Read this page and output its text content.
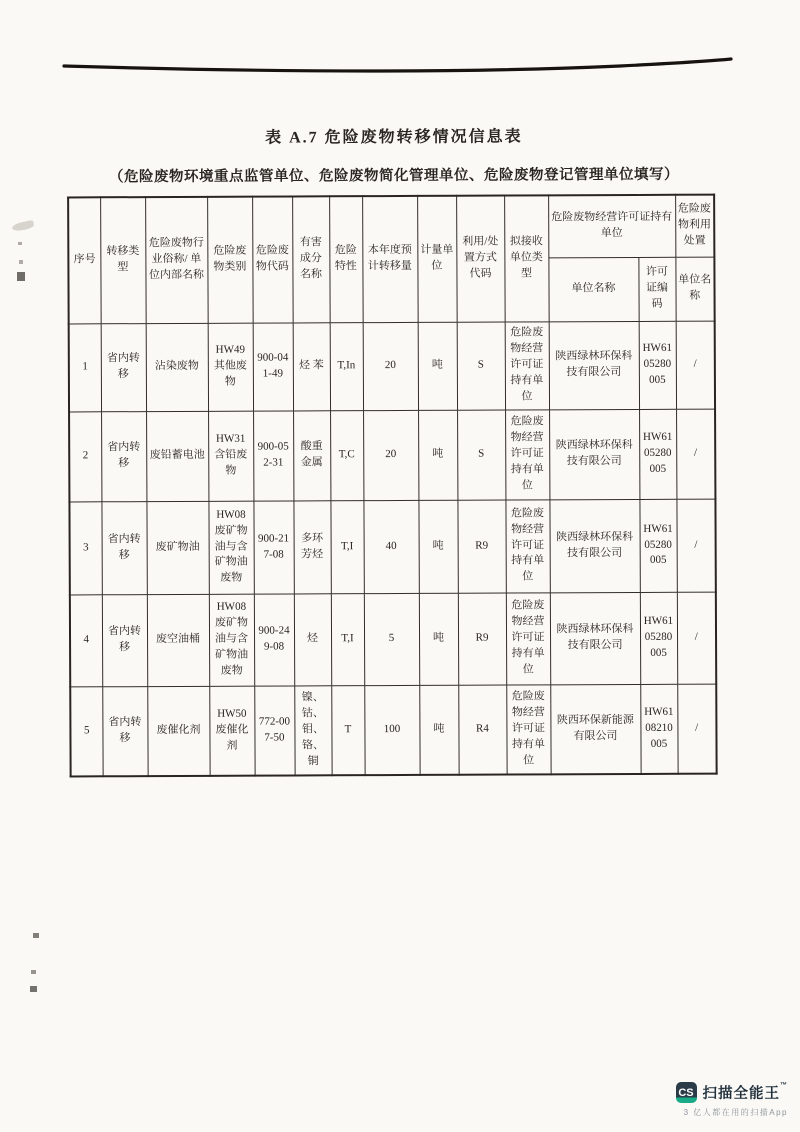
表 A.7 危险废物转移情况信息表
（危险废物环境重点监管单位、危险废物简化管理单位、危险废物登记管理单位填写）
序号	转移类型	危险废物行业俗称/ 单位内部名称	危险废物类别	危险废物代码	有害成分名称	危险特性	本年度预计转移量	计量单位	利用/处置方式代码	拟接收单位类型	危险废物经营许可证持有单位		危险废物利用处置
											单位名称	许可证编码	单位名称
1	省内转移	沾染废物	HW49其他废物	900-041-49	烃 苯	T,In	20	吨	S	危险废物经营许可证持有单位	陕西绿林环保科技有限公司	HW6105280005	/
2	省内转移	废铅蓄电池	HW31含铅废物	900-052-31	酸重金属	T,C	20	吨	S	危险废物经营许可证持有单位	陕西绿林环保科技有限公司	HW6105280005	/
3	省内转移	废矿物油	HW08废矿物油与含矿物油废物	900-217-08	多环芳烃	T,I	40	吨	R9	危险废物经营许可证持有单位	陕西绿林环保科技有限公司	HW6105280005	/
4	省内转移	废空油桶	HW08废矿物油与含矿物油废物	900-249-08	烃	T,I	5	吨	R9	危险废物经营许可证持有单位	陕西绿林环保科技有限公司	HW6105280005	/
5	省内转移	废催化剂	HW50废催化剂	772-007-50	镍、钴、钼、铬、铜	T	100	吨	R4	危险废物经营许可证持有单位	陕西环保新能源有限公司	HW6108210005	/
CS 扫描全能王™
3 亿人都在用的扫描App
